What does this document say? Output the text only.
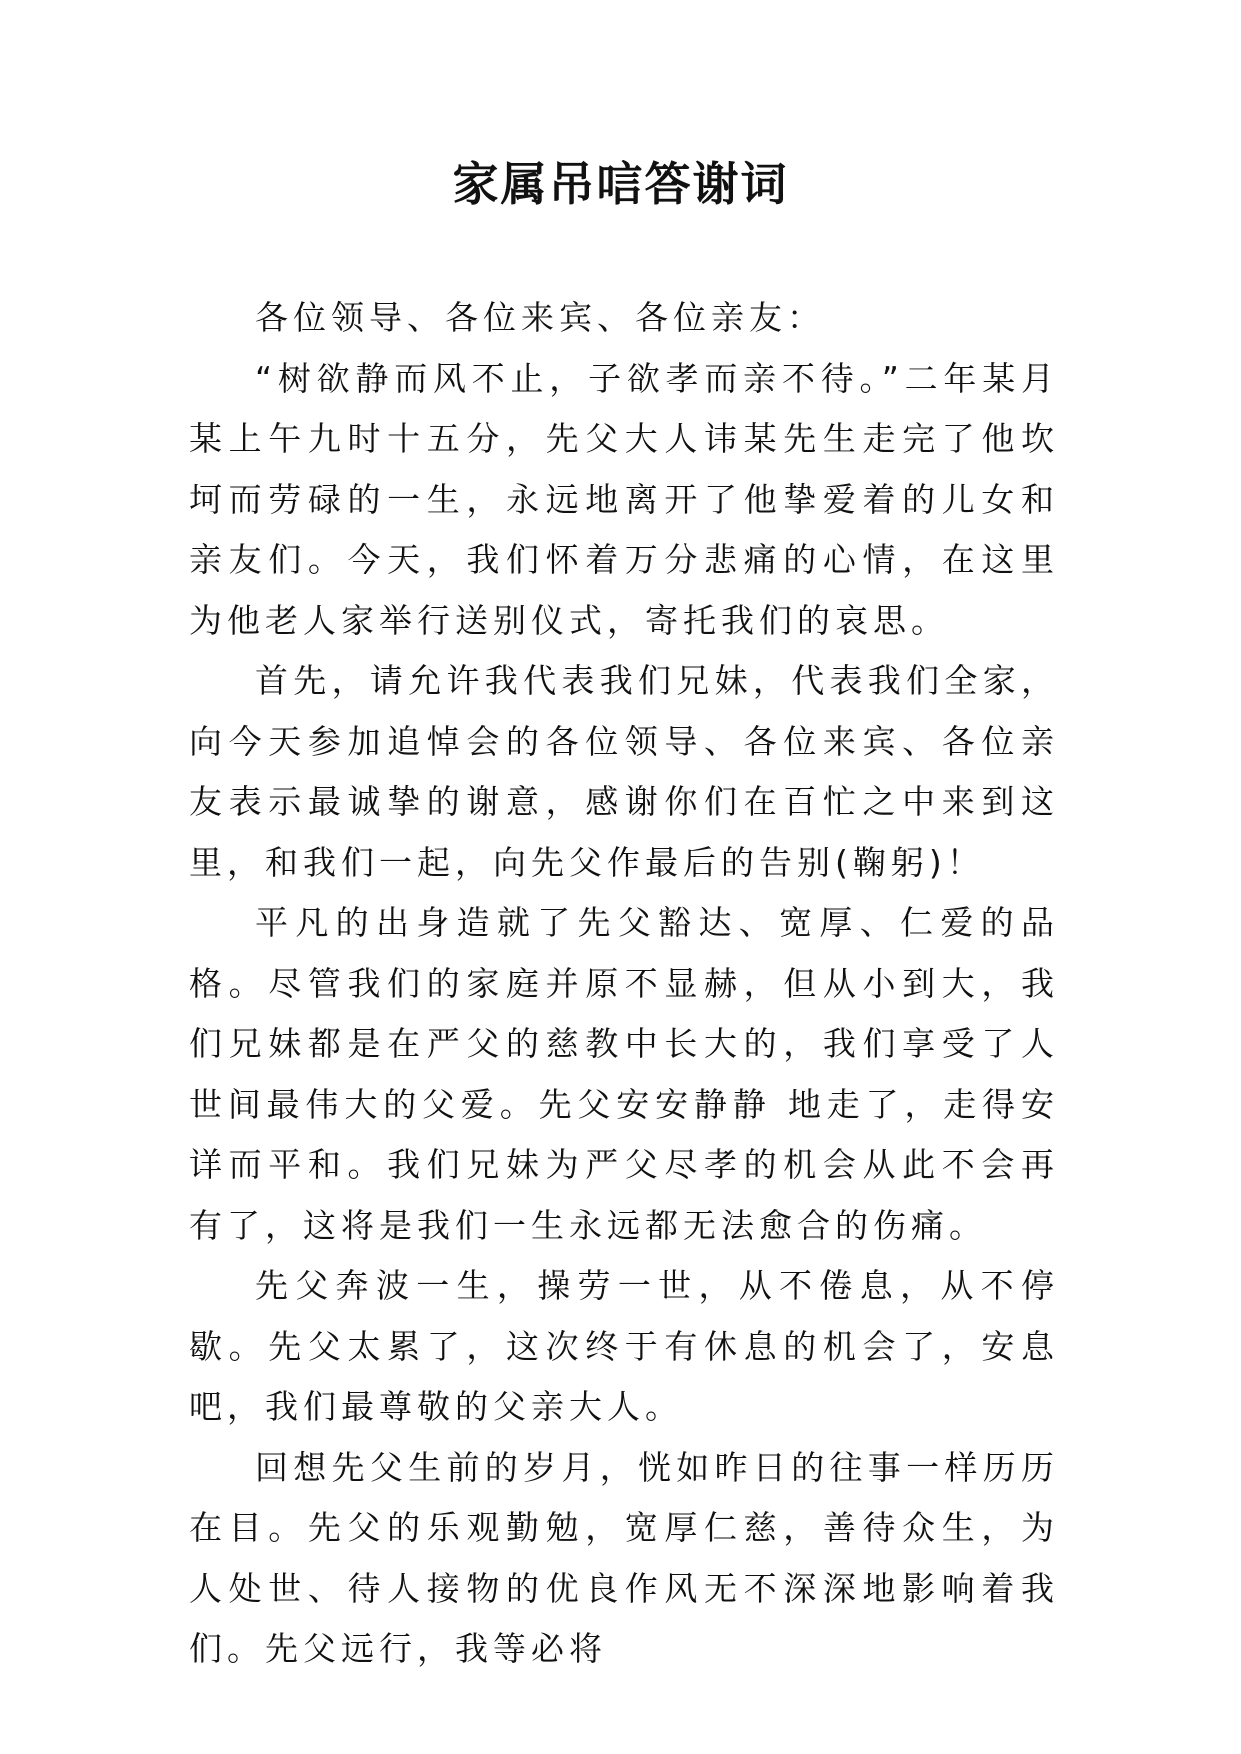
家属吊唁答谢词

各位领导、各位来宾、各位亲友：

“树欲静而风不止，子欲孝而亲不待。”二年某月某上午九时十五分，先父大人讳某先生走完了他坎坷而劳碌的一生，永远地离开了他挚爱着的儿女和亲友们。今天，我们怀着万分悲痛的心情，在这里为他老人家举行送别仪式，寄托我们的哀思。

首先，请允许我代表我们兄妹，代表我们全家，向今天参加追悼会的各位领导、各位来宾、各位亲友表示最诚挚的谢意，感谢你们在百忙之中来到这里，和我们一起，向先父作最后的告别(鞠躬)！

平凡的出身造就了先父豁达、宽厚、仁爱的品格。尽管我们的家庭并原不显赫，但从小到大，我们兄妹都是在严父的慈教中长大的，我们享受了人世间最伟大的父爱。先父安安静静 地走了，走得安详而平和。我们兄妹为严父尽孝的机会从此不会再有了，这将是我们一生永远都无法愈合的伤痛。

先父奔波一生，操劳一世，从不倦息，从不停歇。先父太累了，这次终于有休息的机会了，安息吧，我们最尊敬的父亲大人。

回想先父生前的岁月，恍如昨日的往事一样历历在目。先父的乐观勤勉，宽厚仁慈，善待众生，为人处世、待人接物的优良作风无不深深地影响着我们。先父远行，我等必将
